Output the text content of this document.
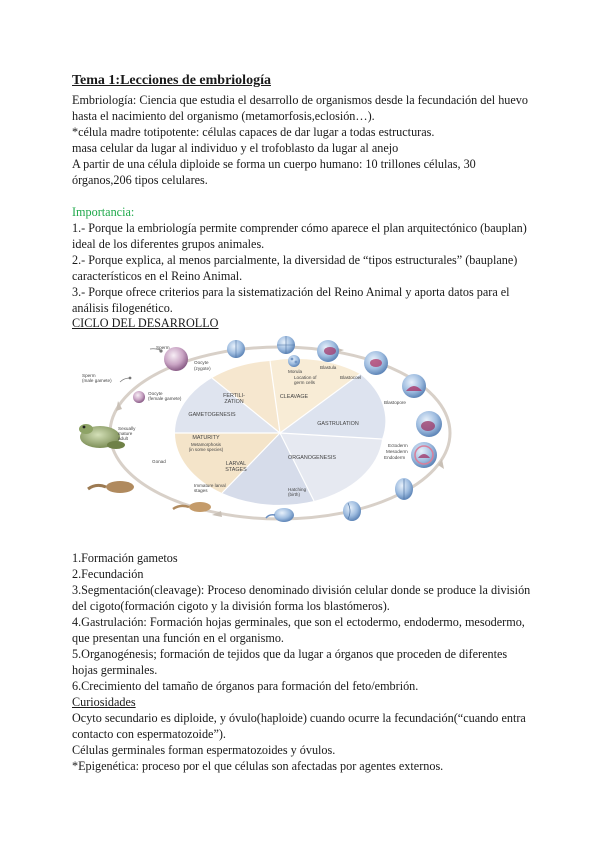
Tema 1:Lecciones de embriología
Embriología: Ciencia que estudia el desarrollo de organismos desde la fecundación del huevo
hasta el nacimiento del organismo (metamorfosis,eclosión…).
*célula madre totipotente: células capaces de dar lugar a todas estructuras.
masa celular da lugar al individuo y el trofoblasto da lugar al anejo
A partir de una célula diploide se forma un cuerpo humano: 10 trillones células, 30
órganos,206 tipos celulares.
Importancia:
1.- Porque la embriología permite comprender cómo aparece el plan arquitectónico (bauplan)
ideal de los diferentes grupos animales.
2.- Porque explica, al menos parcialmente, la diversidad de “tipos estructurales” (bauplane)
característicos en el Reino Animal.
3.- Porque ofrece criterios para la sistematización del Reino Animal y aporta datos para el
análisis filogenético.
CICLO DEL DESARROLLO
GAMETOGENESIS
FERTILI-
ZATION
CLEAVAGE
GASTRULATION
ORGANOGENESIS
LARVAL
STAGES
MATURITY
Metamorphosis
(in some species)
Sperm
Oocyte
(zygote)
Sperm
(male gamete)
Oocyte
(female gamete)
Sexually
mature
adult
Gonad
Immature larval
stages	Hatching
(birth)
Morula
Blastula
Location of
germ cells
Blastocoel
Blastopore
Ectoderm
Mesoderm
Endoderm
1.Formación gametos
2.Fecundación
3.Segmentación(cleavage): Proceso denominado división celular donde se produce la división
del cigoto(formación cigoto y la división forma los blastómeros).
4.Gastrulación: Formación hojas germinales, que son el ectodermo, endodermo, mesodermo,
que presentan una función en el organismo.
5.Organogénesis; formación de tejidos que da lugar a órganos que proceden de diferentes
hojas germinales.
6.Crecimiento del tamaño de órganos para formación del feto/embrión.
Curiosidades
Ocyto secundario es diploide, y óvulo(haploide) cuando ocurre la fecundación(“cuando entra
contacto con espermatozoide”).
Células germinales forman espermatozoides y óvulos.
*Epigenética: proceso por el que células son afectadas por agentes externos.
